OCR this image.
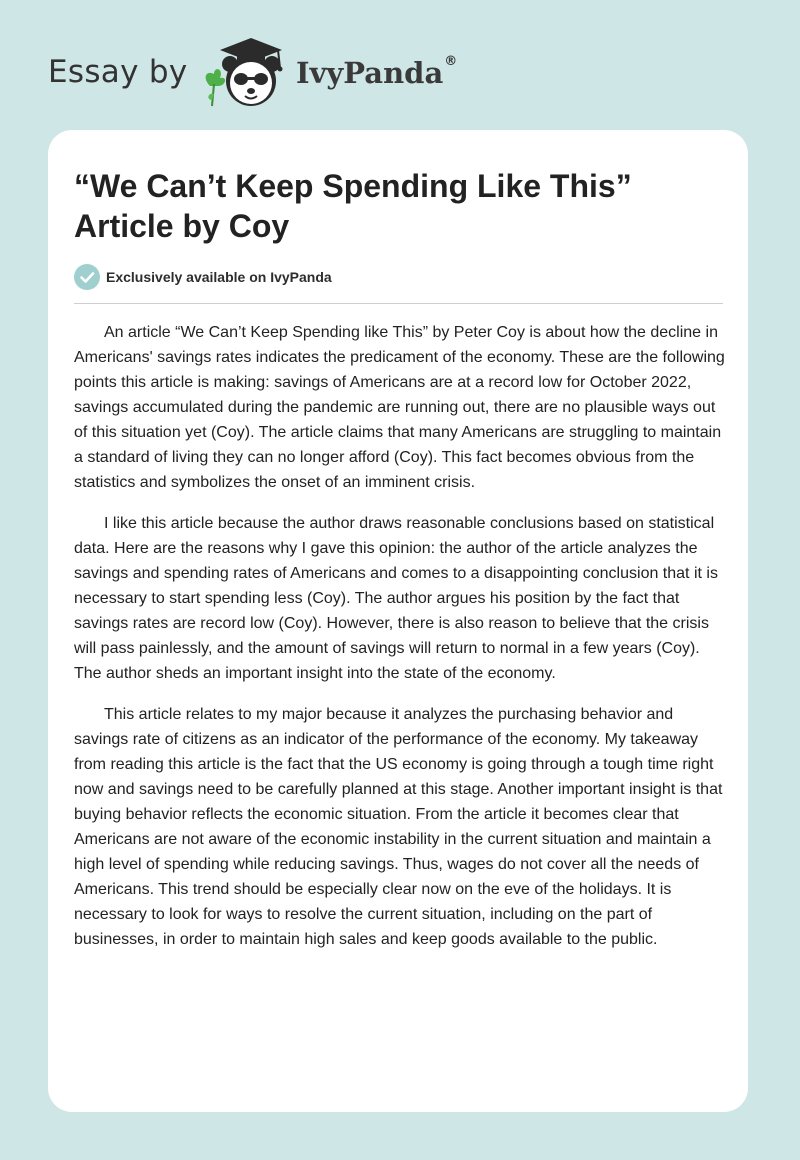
Essay by	IvyPanda®
“We Can’t Keep Spending Like This” Article by Coy
Exclusively available on IvyPanda

An article “We Can’t Keep Spending like This” by Peter Coy is about how the decline in Americans' savings rates indicates the predicament of the economy. These are the following points this article is making: savings of Americans are at a record low for October 2022, savings accumulated during the pandemic are running out, there are no plausible ways out of this situation yet (Coy). The article claims that many Americans are struggling to maintain a standard of living they can no longer afford (Coy). This fact becomes obvious from the statistics and symbolizes the onset of an imminent crisis.

I like this article because the author draws reasonable conclusions based on statistical data. Here are the reasons why I gave this opinion: the author of the article analyzes the savings and spending rates of Americans and comes to a disappointing conclusion that it is necessary to start spending less (Coy). The author argues his position by the fact that savings rates are record low (Coy). However, there is also reason to believe that the crisis will pass painlessly, and the amount of savings will return to normal in a few years (Coy). The author sheds an important insight into the state of the economy.

This article relates to my major because it analyzes the purchasing behavior and savings rate of citizens as an indicator of the performance of the economy. My takeaway from reading this article is the fact that the US economy is going through a tough time right now and savings need to be carefully planned at this stage. Another important insight is that buying behavior reflects the economic situation. From the article it becomes clear that Americans are not aware of the economic instability in the current situation and maintain a high level of spending while reducing savings. Thus, wages do not cover all the needs of Americans. This trend should be especially clear now on the eve of the holidays. It is necessary to look for ways to resolve the current situation, including on the part of businesses, in order to maintain high sales and keep goods available to the public.
